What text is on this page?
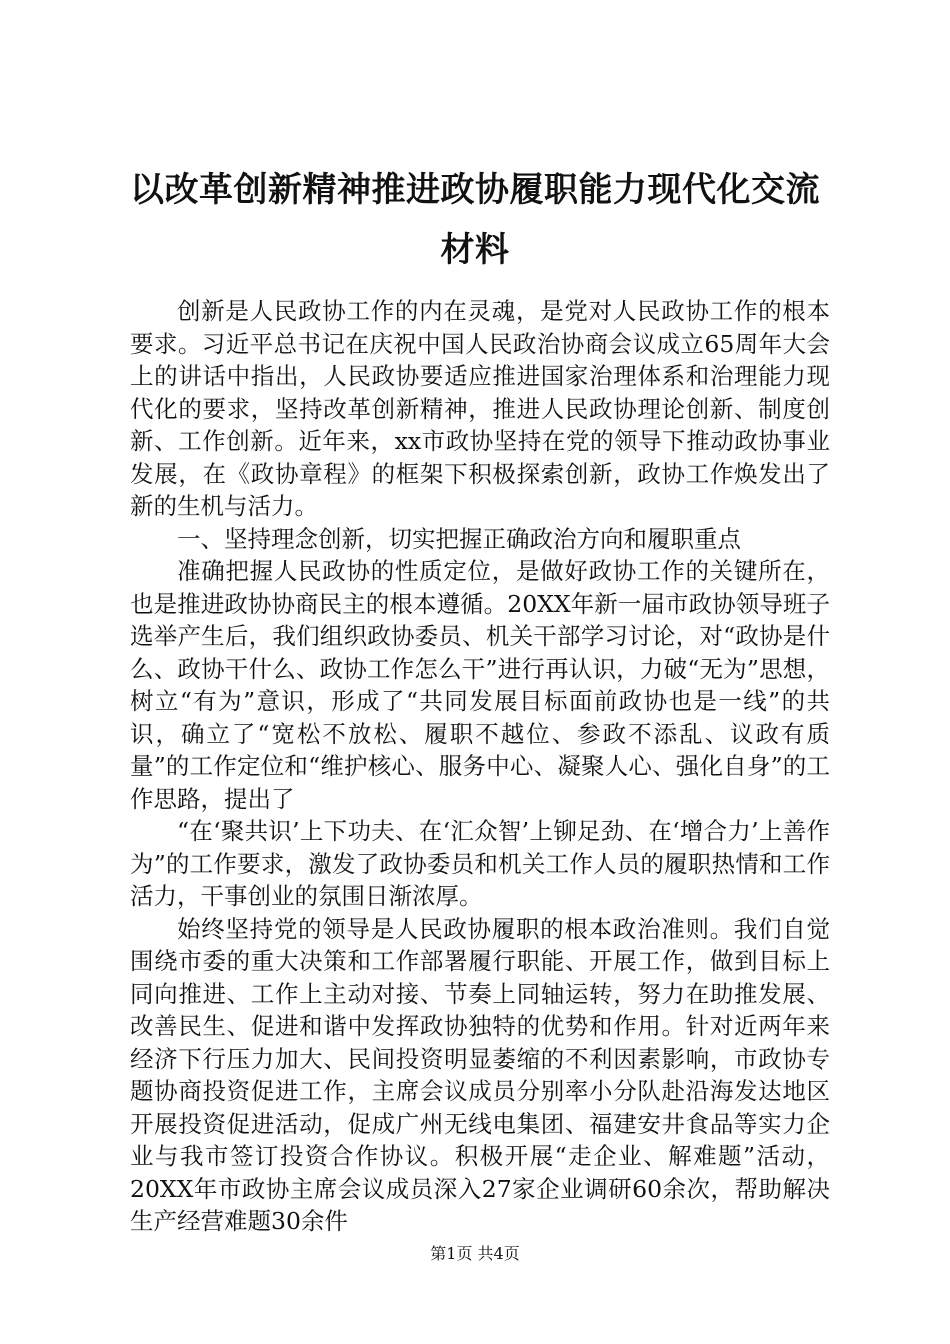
以改革创新精神推进政协履职能力现代化交流材料

创新是人民政协工作的内在灵魂，是党对人民政协工作的根本要求。习近平总书记在庆祝中国人民政治协商会议成立65周年大会上的讲话中指出，人民政协要适应推进国家治理体系和治理能力现代化的要求，坚持改革创新精神，推进人民政协理论创新、制度创新、工作创新。近年来，xx市政协坚持在党的领导下推动政协事业发展，在《政协章程》的框架下积极探索创新，政协工作焕发出了新的生机与活力。

一、坚持理念创新，切实把握正确政治方向和履职重点

准确把握人民政协的性质定位，是做好政协工作的关键所在，也是推进政协协商民主的根本遵循。20XX年新一届市政协领导班子选举产生后，我们组织政协委员、机关干部学习讨论，对“政协是什么、政协干什么、政协工作怎么干”进行再认识，力破“无为”思想，树立“有为”意识，形成了“共同发展目标面前政协也是一线”的共识，确立了“宽松不放松、履职不越位、参政不添乱、议政有质量”的工作定位和“维护核心、服务中心、凝聚人心、强化自身”的工作思路，提出了

“在‘聚共识’上下功夫、在‘汇众智’上铆足劲、在‘增合力’上善作为”的工作要求，激发了政协委员和机关工作人员的履职热情和工作活力，干事创业的氛围日渐浓厚。

始终坚持党的领导是人民政协履职的根本政治准则。我们自觉围绕市委的重大决策和工作部署履行职能、开展工作，做到目标上同向推进、工作上主动对接、节奏上同轴运转，努力在助推发展、改善民生、促进和谐中发挥政协独特的优势和作用。针对近两年来经济下行压力加大、民间投资明显萎缩的不利因素影响，市政协专题协商投资促进工作，主席会议成员分别率小分队赴沿海发达地区开展投资促进活动，促成广州无线电集团、福建安井食品等实力企业与我市签订投资合作协议。积极开展“走企业、解难题”活动，20XX年市政协主席会议成员深入27家企业调研60余次，帮助解决生产经营难题30余件

第1页 共4页
